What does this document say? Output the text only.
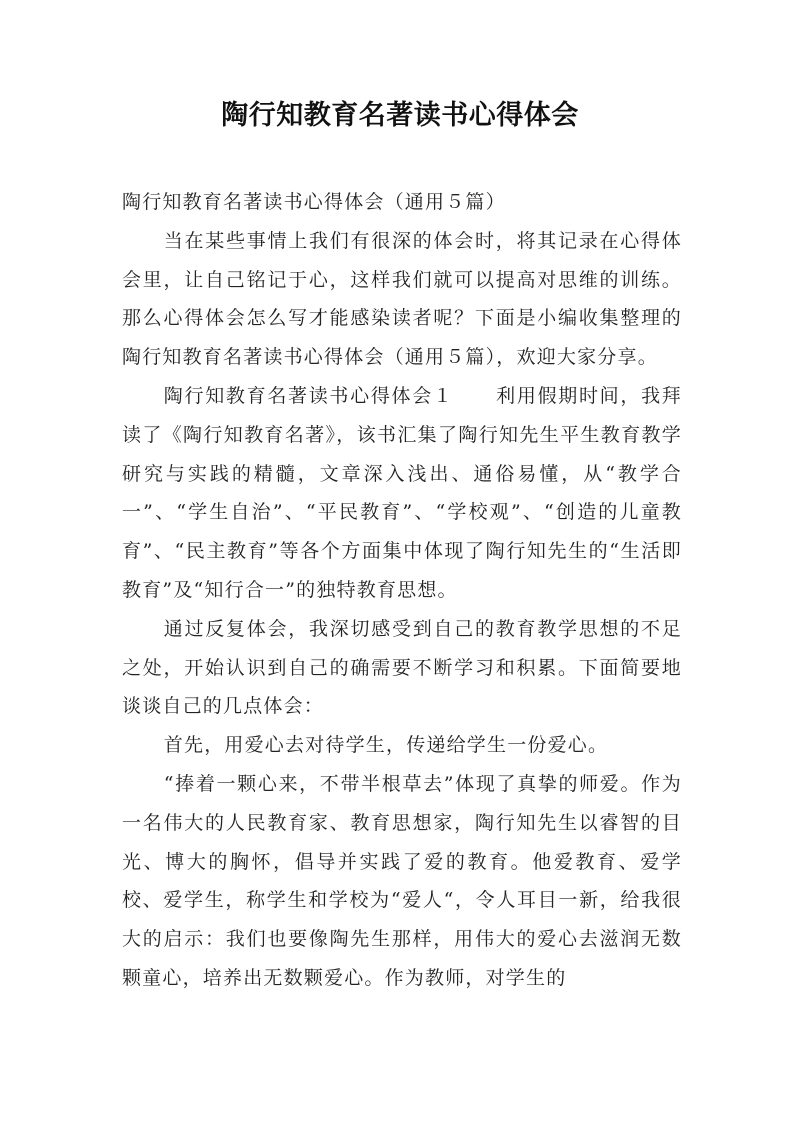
陶行知教育名著读书心得体会

陶行知教育名著读书心得体会（通用５篇）

当在某些事情上我们有很深的体会时，将其记录在心得体会里，让自己铭记于心，这样我们就可以提高对思维的训练。那么心得体会怎么写才能感染读者呢？下面是小编收集整理的陶行知教育名著读书心得体会（通用５篇），欢迎大家分享。

陶行知教育名著读书心得体会１ 利用假期时间，我拜读了《陶行知教育名著》，该书汇集了陶行知先生平生教育教学研究与实践的精髓，文章深入浅出、通俗易懂，从“教学合一”、“学生自治”、“平民教育”、“学校观”、“创造的儿童教育”、“民主教育”等各个方面集中体现了陶行知先生的“生活即教育”及“知行合一”的独特教育思想。

通过反复体会，我深切感受到自己的教育教学思想的不足之处，开始认识到自己的确需要不断学习和积累。下面简要地谈谈自己的几点体会：

首先，用爱心去对待学生，传递给学生一份爱心。

“捧着一颗心来，不带半根草去”体现了真挚的师爱。作为一名伟大的人民教育家、教育思想家，陶行知先生以睿智的目光、博大的胸怀，倡导并实践了爱的教育。他爱教育、爱学校、爱学生，称学生和学校为“爱人“，令人耳目一新，给我很大的启示：我们也要像陶先生那样，用伟大的爱心去滋润无数颗童心，培养出无数颗爱心。作为教师，对学生的
